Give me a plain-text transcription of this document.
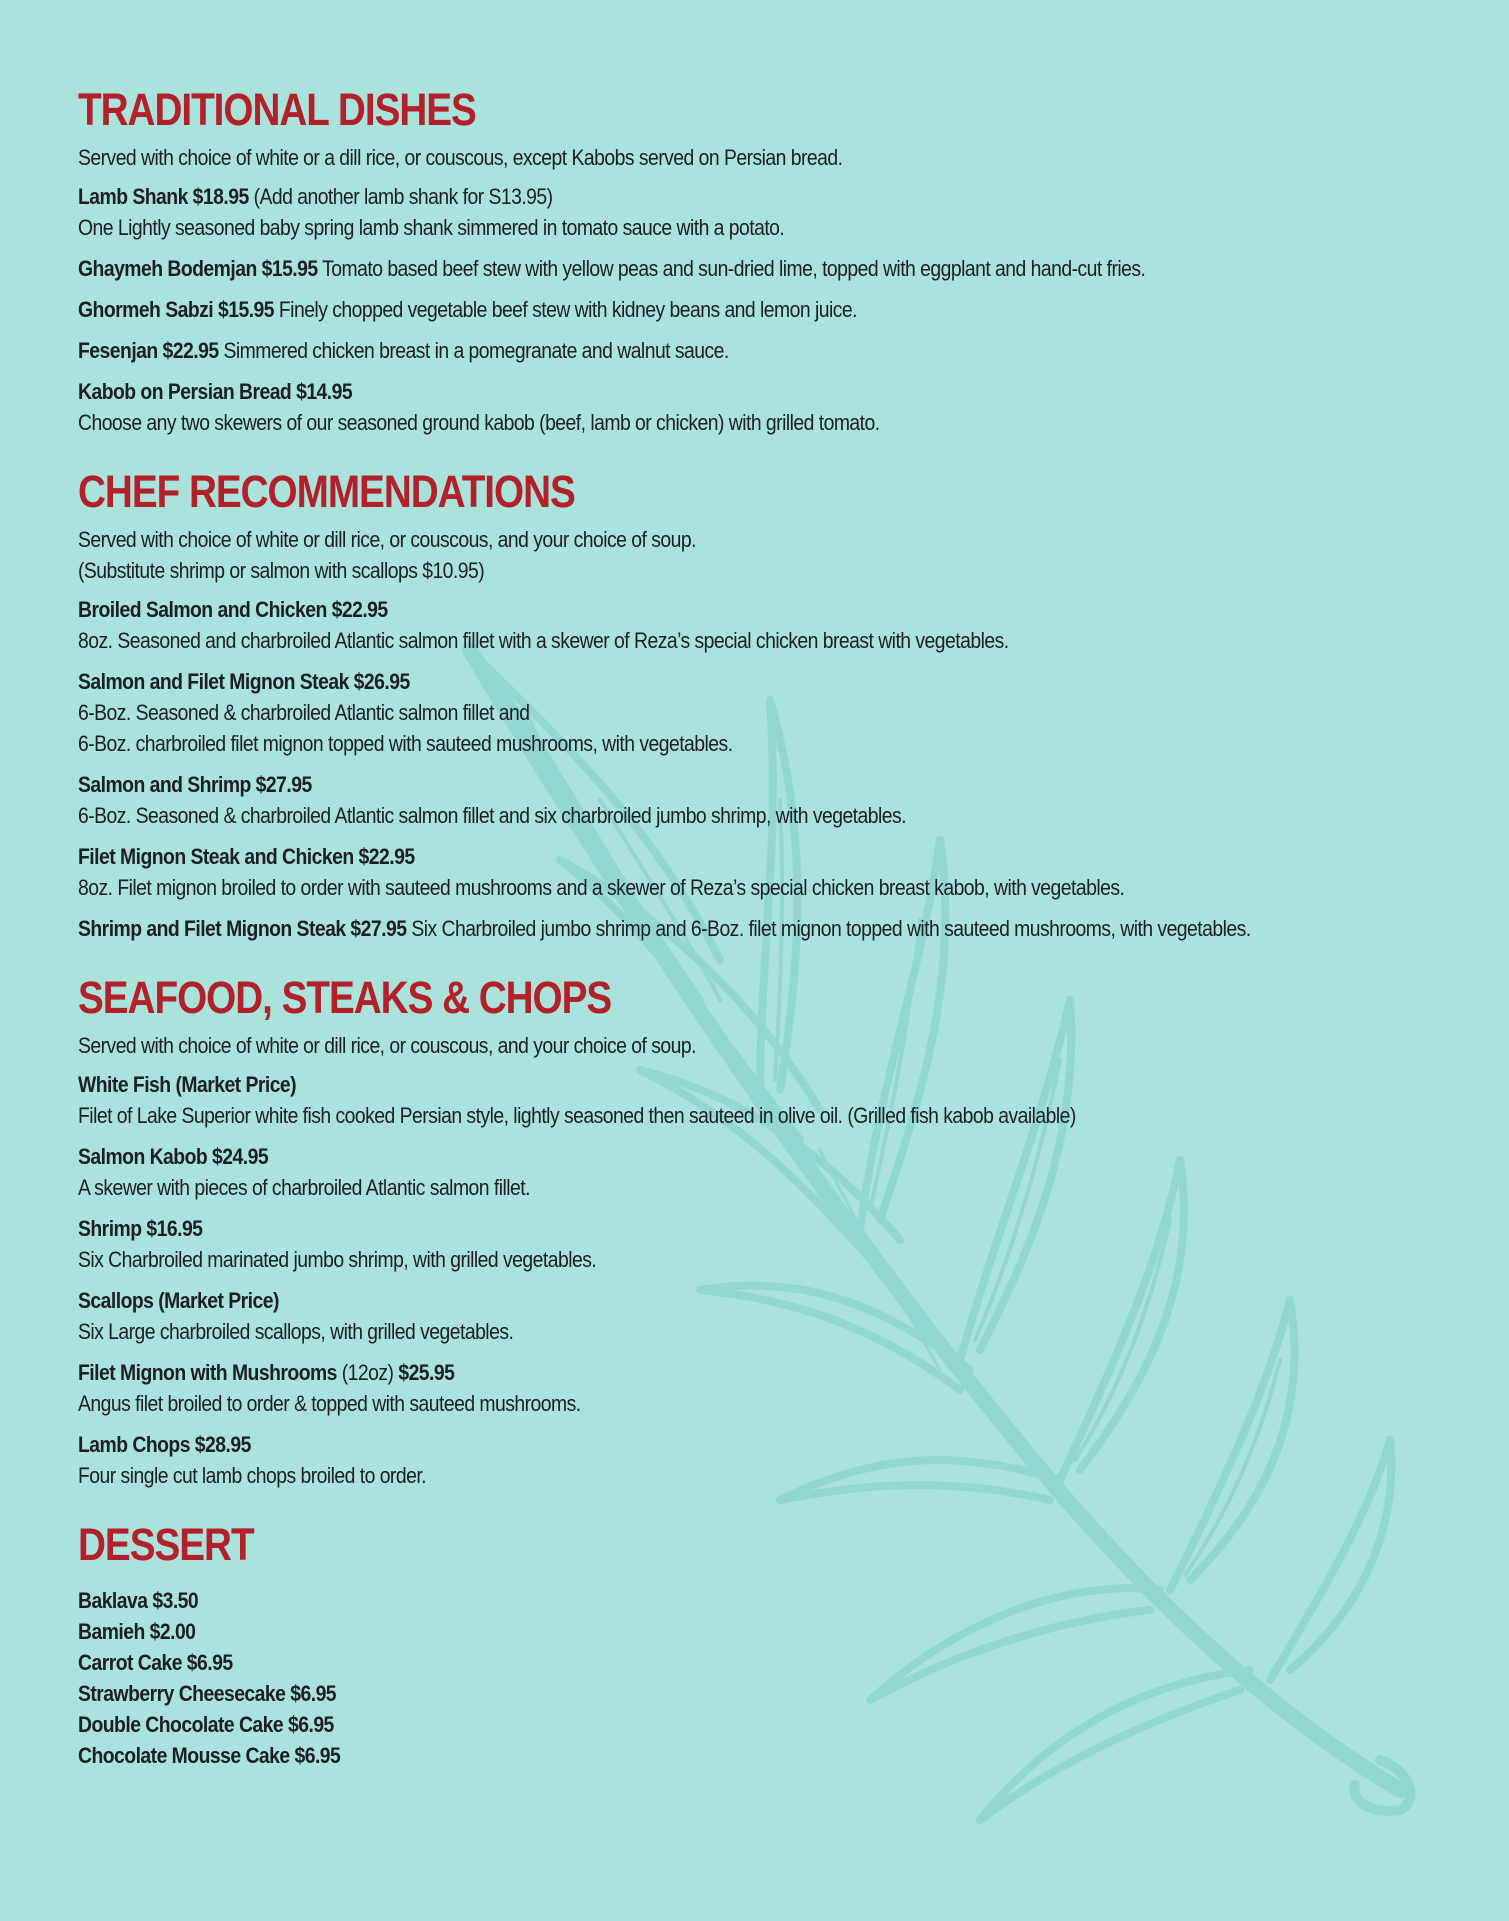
TRADITIONAL DISHES

Served with choice of white or a dill rice, or couscous, except Kabobs served on Persian bread.

Lamb Shank $18.95 (Add another lamb shank for S13.95)
One Lightly seasoned baby spring lamb shank simmered in tomato sauce with a potato.
Ghaymeh Bodemjan $15.95 Tomato based beef stew with yellow peas and sun-dried lime, topped with eggplant and hand-cut fries.
Ghormeh Sabzi $15.95 Finely chopped vegetable beef stew with kidney beans and lemon juice.
Fesenjan $22.95 Simmered chicken breast in a pomegranate and walnut sauce.
Kabob on Persian Bread $14.95
Choose any two skewers of our seasoned ground kabob (beef, lamb or chicken) with grilled tomato.
CHEF RECOMMENDATIONS

Served with choice of white or dill rice, or couscous, and your choice of soup.

(Substitute shrimp or salmon with scallops $10.95)

Broiled Salmon and Chicken $22.95
8oz. Seasoned and charbroiled Atlantic salmon fillet with a skewer of Reza’s special chicken breast with vegetables.
Salmon and Filet Mignon Steak $26.95
6-Boz. Seasoned & charbroiled Atlantic salmon fillet and
6-Boz. charbroiled filet mignon topped with sauteed mushrooms, with vegetables.
Salmon and Shrimp $27.95
6-Boz. Seasoned & charbroiled Atlantic salmon fillet and six charbroiled jumbo shrimp, with vegetables.
Filet Mignon Steak and Chicken $22.95
8oz. Filet mignon broiled to order with sauteed mushrooms and a skewer of Reza’s special chicken breast kabob, with vegetables.
Shrimp and Filet Mignon Steak $27.95 Six Charbroiled jumbo shrimp and 6-Boz. filet mignon topped with sauteed mushrooms, with vegetables.
SEAFOOD, STEAKS & CHOPS

Served with choice of white or dill rice, or couscous, and your choice of soup.

White Fish (Market Price)
Filet of Lake Superior white fish cooked Persian style, lightly seasoned then sauteed in olive oil. (Grilled fish kabob available)
Salmon Kabob $24.95
A skewer with pieces of charbroiled Atlantic salmon fillet.
Shrimp $16.95
Six Charbroiled marinated jumbo shrimp, with grilled vegetables.
Scallops (Market Price)
Six Large charbroiled scallops, with grilled vegetables.
Filet Mignon with Mushrooms (12oz) $25.95
Angus filet broiled to order & topped with sauteed mushrooms.
Lamb Chops $28.95
Four single cut lamb chops broiled to order.
DESSERT
Baklava $3.50
Bamieh $2.00
Carrot Cake $6.95
Strawberry Cheesecake $6.95
Double Chocolate Cake $6.95
Chocolate Mousse Cake $6.95
